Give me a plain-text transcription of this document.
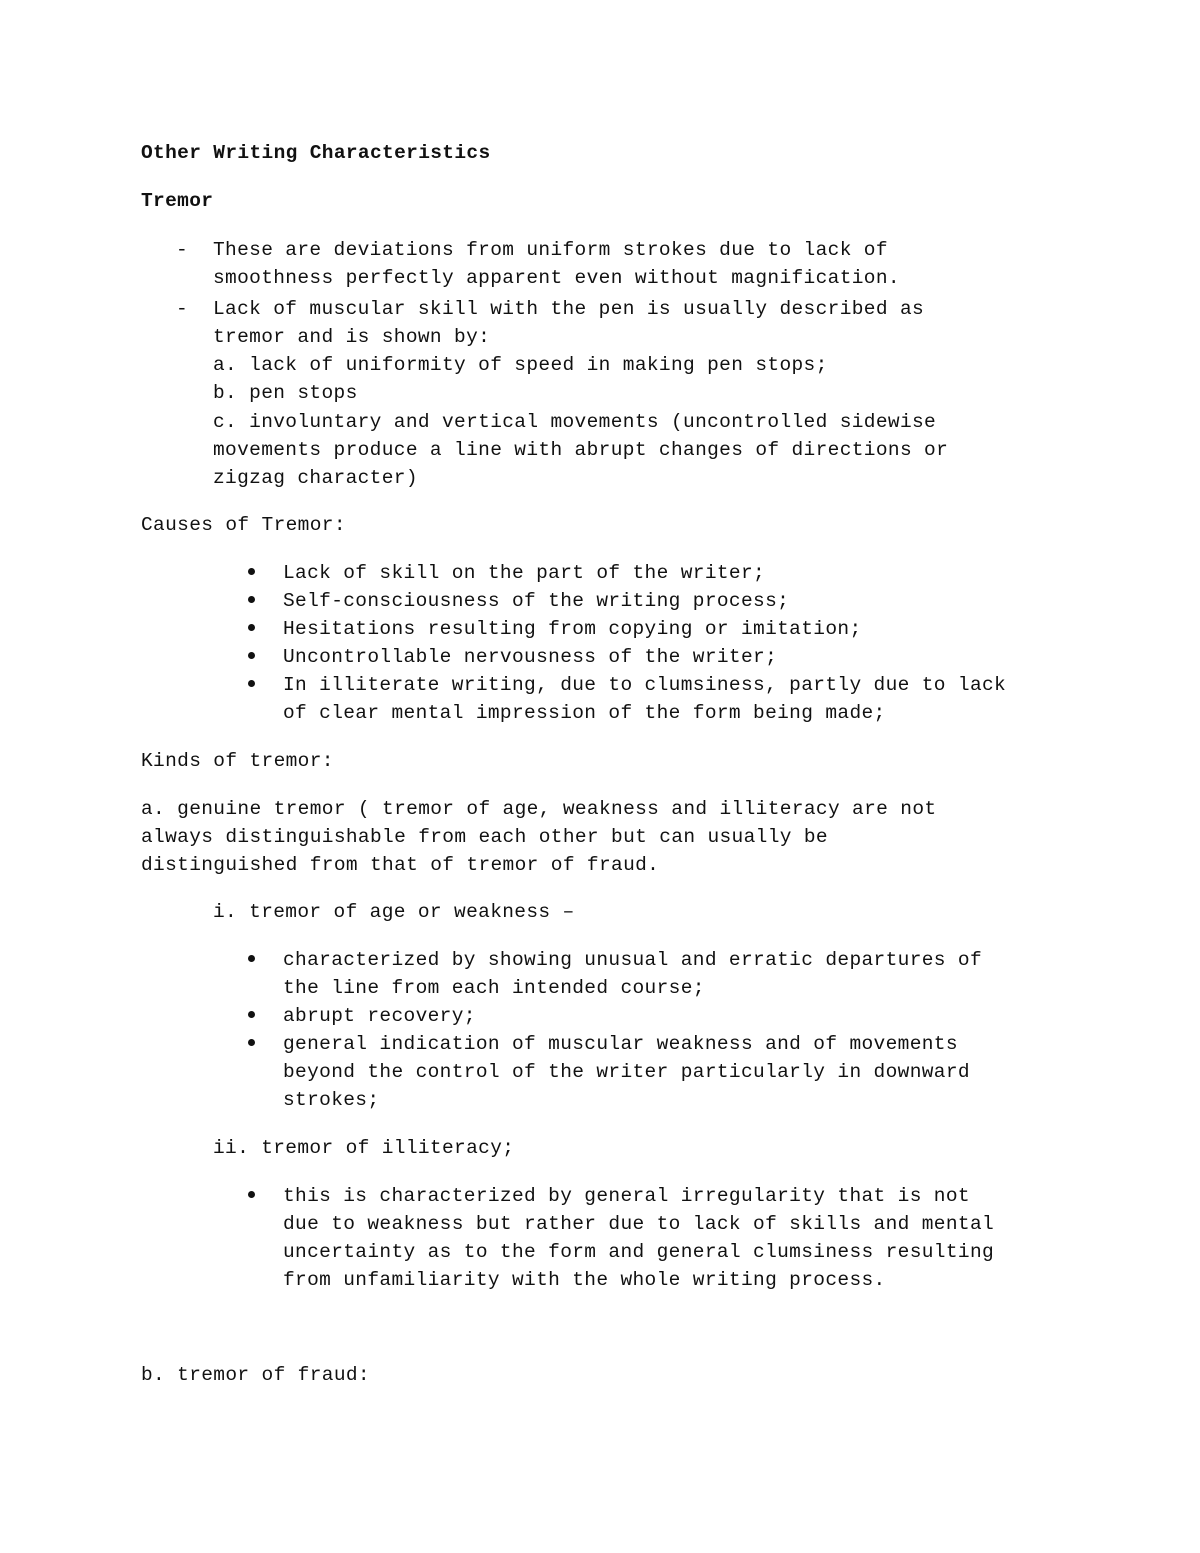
Other Writing Characteristics
Tremor
- These are deviations from uniform strokes due to lack of
smoothness perfectly apparent even without magnification.
- Lack of muscular skill with the pen is usually described as
tremor and is shown by:
a. lack of uniformity of speed in making pen stops;
b. pen stops
c. involuntary and vertical movements (uncontrolled sidewise
movements produce a line with abrupt changes of directions or
zigzag character)
Causes of Tremor:
Lack of skill on the part of the writer;
Self-consciousness of the writing process;
Hesitations resulting from copying or imitation;
Uncontrollable nervousness of the writer;
In illiterate writing, due to clumsiness, partly due to lack
of clear mental impression of the form being made;
Kinds of tremor:
a. genuine tremor ( tremor of age, weakness and illiteracy are not
always distinguishable from each other but can usually be
distinguished from that of tremor of fraud.
i. tremor of age or weakness –
characterized by showing unusual and erratic departures of
the line from each intended course;
abrupt recovery;
general indication of muscular weakness and of movements
beyond the control of the writer particularly in downward
strokes;
ii. tremor of illiteracy;
this is characterized by general irregularity that is not
due to weakness but rather due to lack of skills and mental
uncertainty as to the form and general clumsiness resulting
from unfamiliarity with the whole writing process.
b. tremor of fraud:
